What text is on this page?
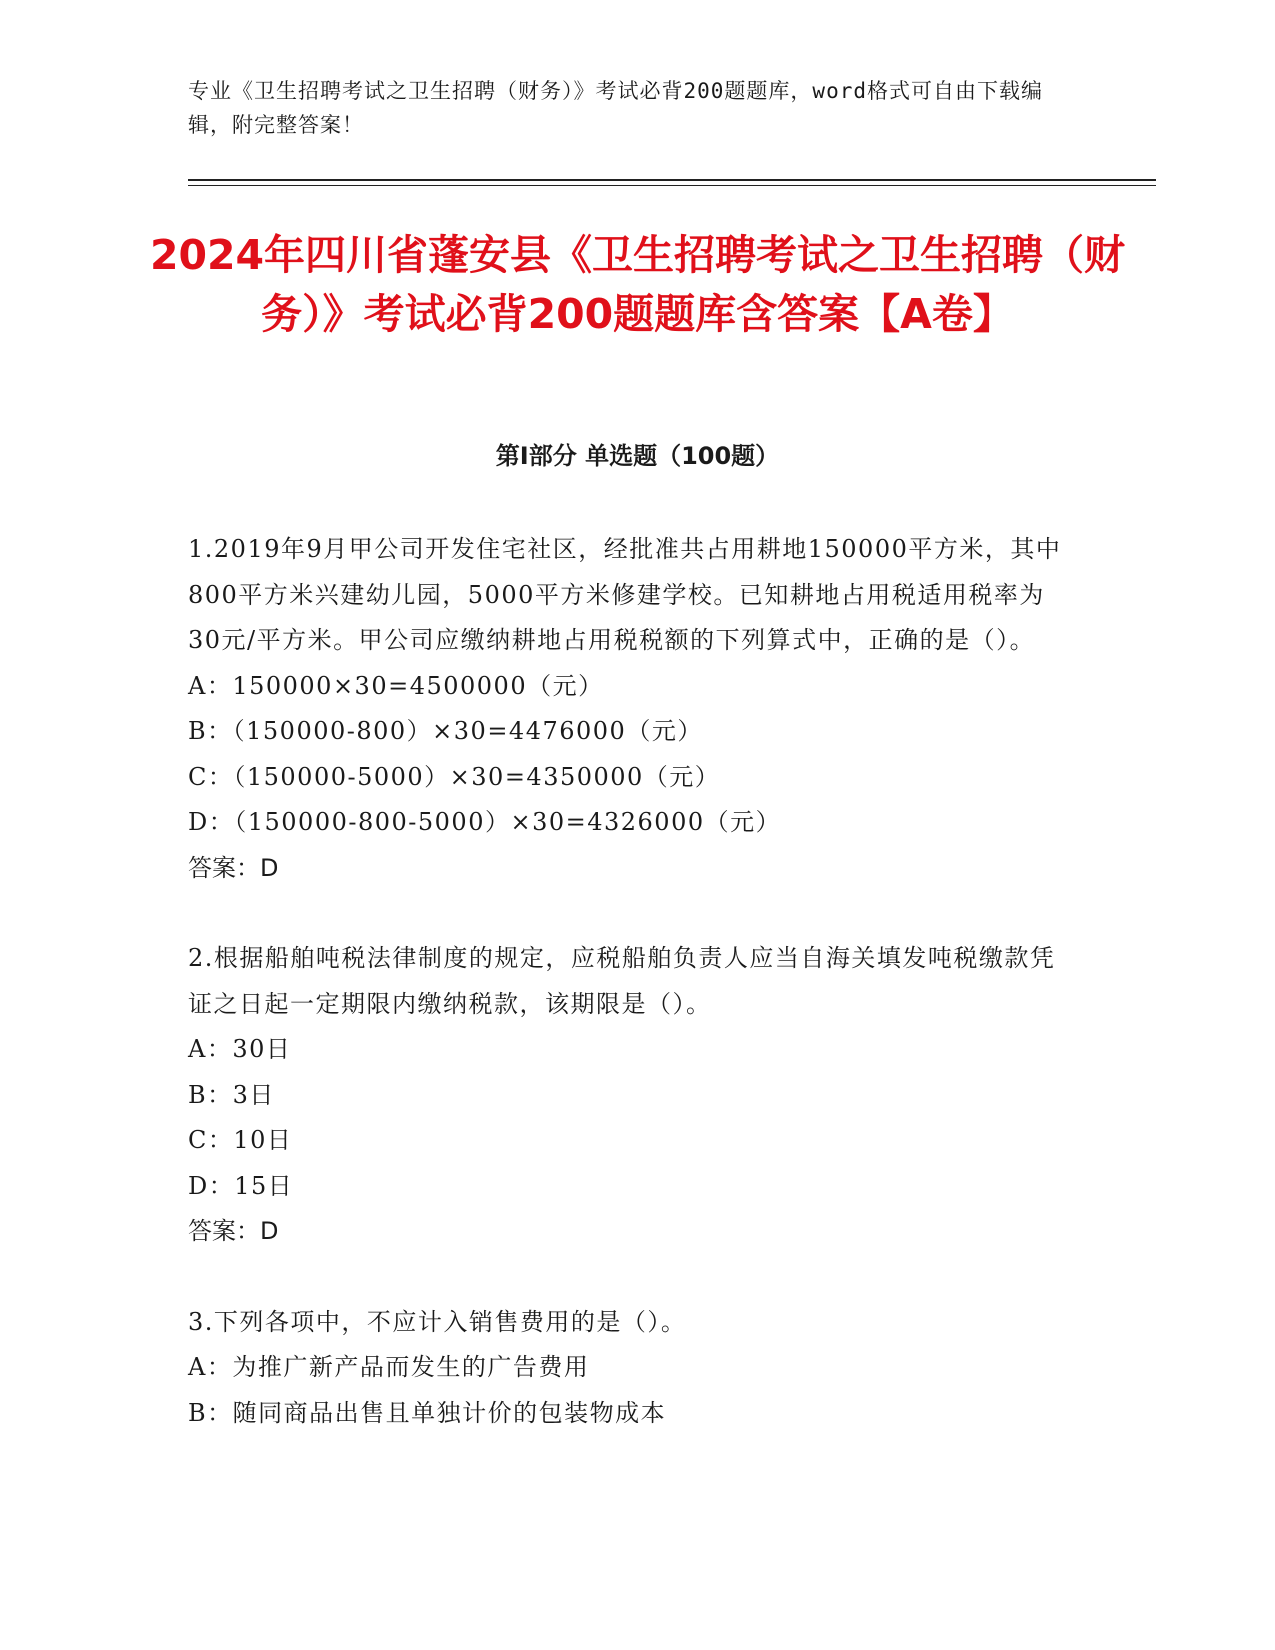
专业《卫生招聘考试之卫生招聘（财务）》考试必背200题题库，word格式可自由下载编辑，附完整答案！
2024年四川省蓬安县《卫生招聘考试之卫生招聘（财务）》考试必背200题题库含答案【A卷】
第Ⅰ部分 单选题（100题）

1.2019年9月甲公司开发住宅社区，经批准共占用耕地150000平方米，其中800平方米兴建幼儿园，5000平方米修建学校。已知耕地占用税适用税率为30元/平方米。甲公司应缴纳耕地占用税税额的下列算式中，正确的是（）。

A：150000×30=4500000（元）

B：（150000-800）×30=4476000（元）

C：（150000-5000）×30=4350000（元）

D：（150000-800-5000）×30=4326000（元）

答案：D

2.根据船舶吨税法律制度的规定，应税船舶负责人应当自海关填发吨税缴款凭证之日起一定期限内缴纳税款，该期限是（）。

A：30日

B：3日

C：10日

D：15日

答案：D

3.下列各项中，不应计入销售费用的是（）。

A：为推广新产品而发生的广告费用

B：随同商品出售且单独计价的包装物成本
